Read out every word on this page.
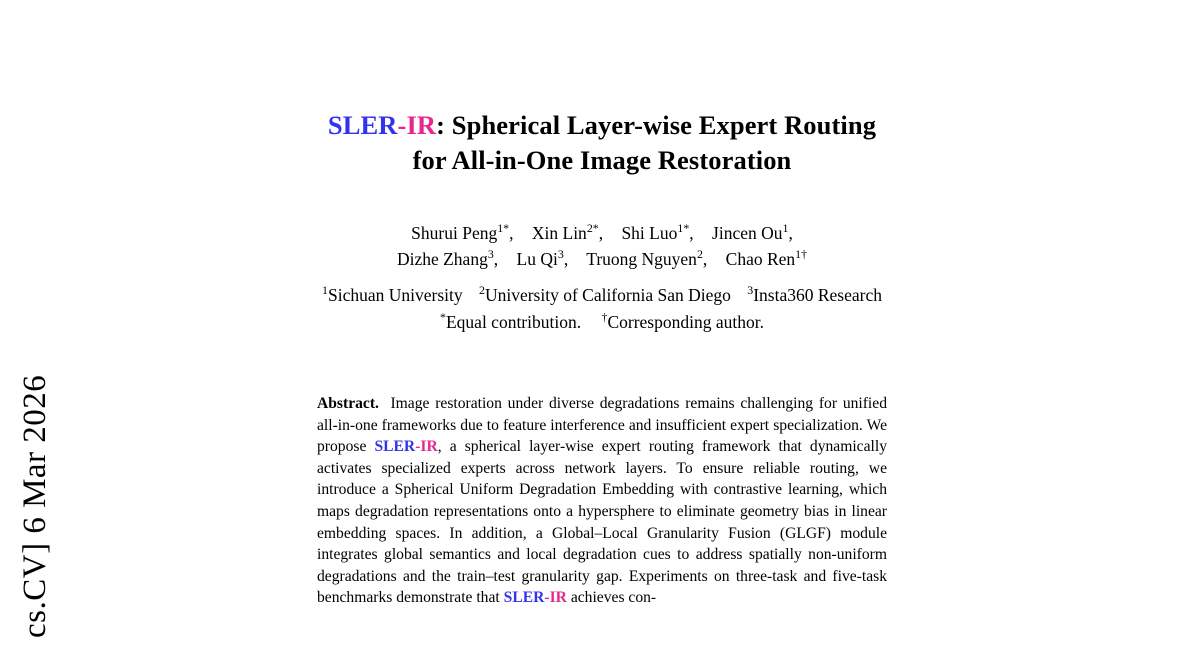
cs.CV] 6 Mar 2026
SLER-IR: Spherical Layer-wise Expert Routing
for All-in-One Image Restoration
Shurui Peng$^{1*}$, Xin Lin$^{2*}$, Shi Luo$^{1*}$, Jincen Ou$^1$,
Dizhe Zhang$^3$, Lu Qi$^3$, Truong Nguyen$^2$, Chao Ren$^{1\dagger}$
$^1$Sichuan University $^2$University of California San Diego $^3$Insta360 Research
*Equal contribution. †Corresponding author.
Abstract. Image restoration under diverse degradations remains challenging for unified all-in-one frameworks due to feature interference and insufficient expert specialization. We propose SLER-IR, a spherical layer-wise expert routing framework that dynamically activates specialized experts across network layers. To ensure reliable routing, we introduce a Spherical Uniform Degradation Embedding with contrastive learning, which maps degradation representations onto a hypersphere to eliminate geometry bias in linear embedding spaces. In addition, a Global–Local Granularity Fusion (GLGF) module integrates global semantics and local degradation cues to address spatially non-uniform degradations and the train–test granularity gap. Experiments on three-task and five-task benchmarks demonstrate that SLER-IR achieves con-
